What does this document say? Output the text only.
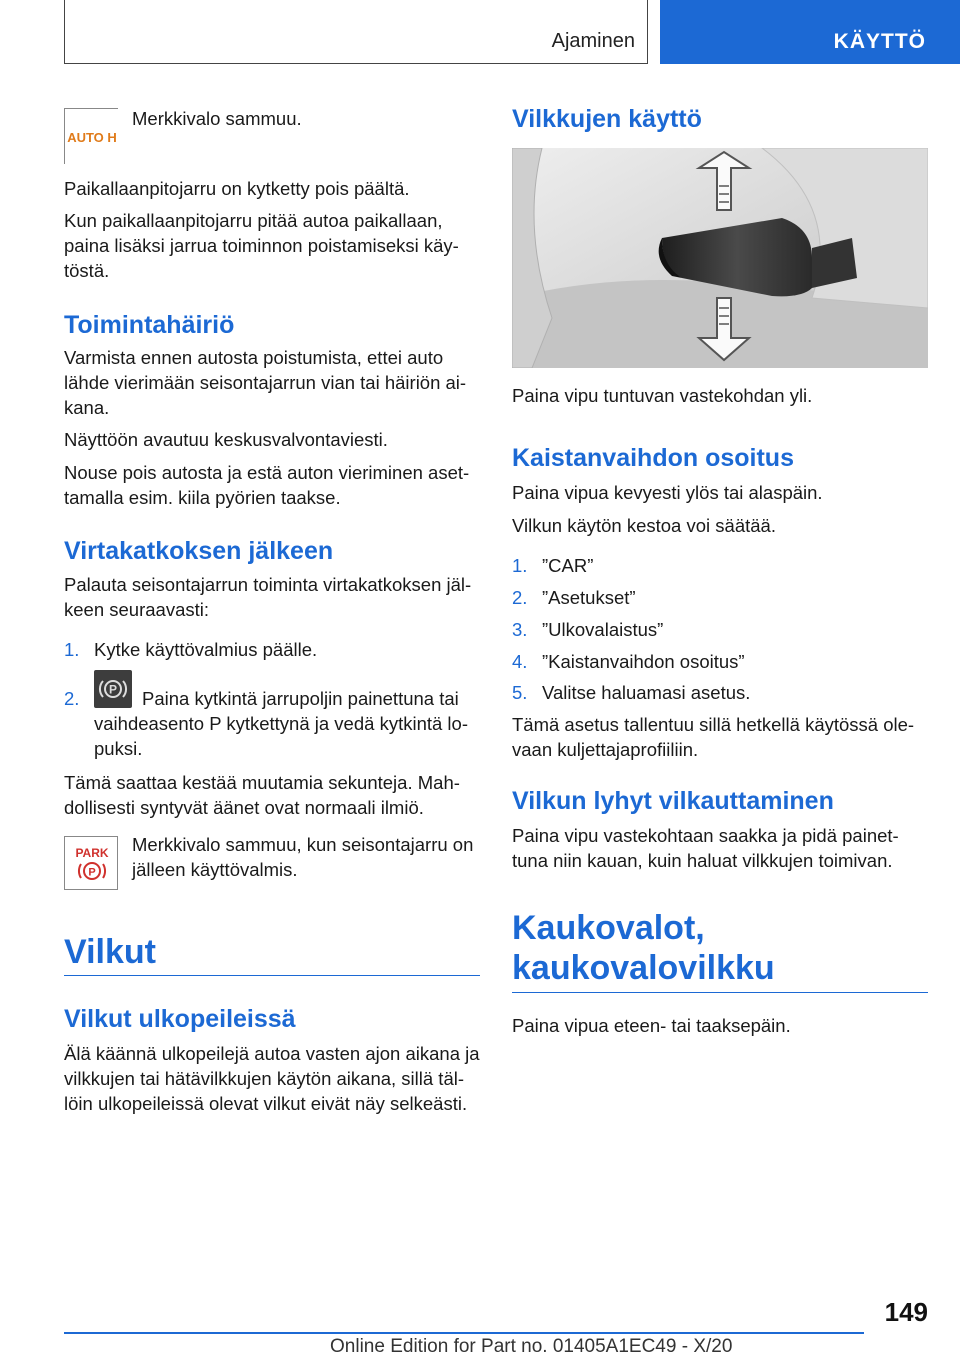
Ajaminen	KÄYTTÖ
AUTO H

Merkkivalo sammuu.

Paikallaanpitojarru on kytketty pois päältä.

Kun paikallaanpitojarru pitää autoa paikallaan, paina lisäksi jarrua toiminnon poistamiseksi käytöstä.

Toimintahäiriö

Varmista ennen autosta poistumista, ettei auto lähde vierimään seisontajarrun vian tai häiriön aikana.

Näyttöön avautuu keskusvalvontaviesti.

Nouse pois autosta ja estä auton vieriminen asettamalla esim. kiila pyörien taakse.

Virtakatkoksen jälkeen

Palauta seisontajarrun toiminta virtakatkoksen jälkeen seuraavasti:

1. Kytke käyttövalmius päälle.
2.	P	Paina kytkintä jarrupoljin painettuna tai vaihdeasento P kytkettynä ja vedä kytkintä lopuksi.

Tämä saattaa kestää muutamia sekunteja. Mahdollisesti syntyvät äänet ovat normaali ilmiö.

PARK
P

Merkkivalo sammuu, kun seisontajarru on jälleen käyttövalmis.

Vilkut
Vilkut ulkopeileissä

Älä käännä ulkopeilejä autoa vasten ajon aikana ja vilkkujen tai hätävilkkujen käytön aikana, sillä tällöin ulkopeileissä olevat vilkut eivät näy selkeästi.

Vilkkujen käyttö

Paina vipu tuntuvan vastekohdan yli.

Kaistanvaihdon osoitus

Paina vipua kevyesti ylös tai alaspäin.

Vilkun käytön kestoa voi säätää.

1. ”CAR”
2. ”Asetukset”
3. ”Ulkovalaistus”
4. ”Kaistanvaihdon osoitus”
5. Valitse haluamasi asetus.

Tämä asetus tallentuu sillä hetkellä käytössä olevaan kuljettajaprofiiliin.

Vilkun lyhyt vilkauttaminen

Paina vipu vastekohtaan saakka ja pidä painettuna niin kauan, kuin haluat vilkkujen toimivan.

Kaukovalot,
kaukovalovilkku

Paina vipua eteen- tai taaksepäin.

149
Online Edition for Part no. 01405A1EC49 - X/20
